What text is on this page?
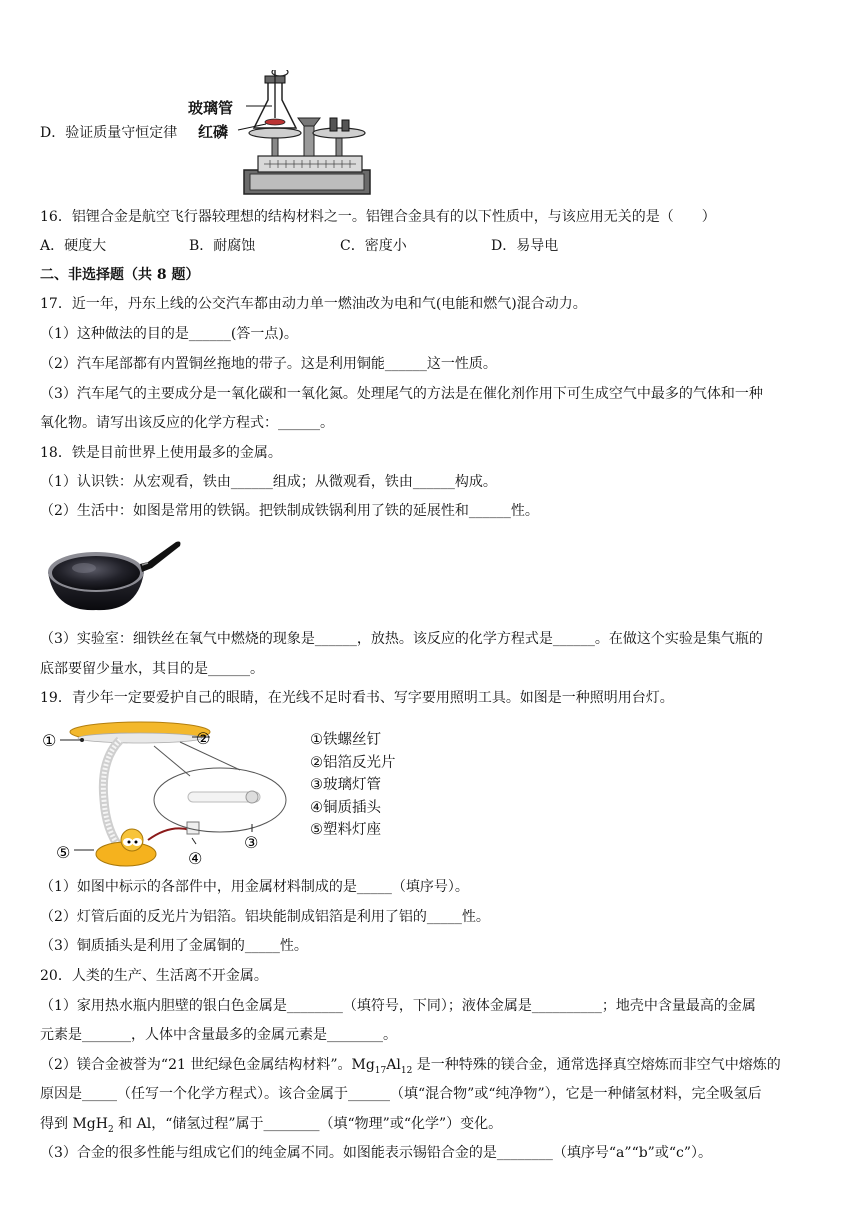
D．验证质量守恒定律
玻璃管
红磷
16．铝锂合金是航空飞行器较理想的结构材料之一。铝锂合金具有的以下性质中，与该应用无关的是（　　）
A．硬度大	B．耐腐蚀	C．密度小	D．易导电
二、非选择题（共 8 题）
17．近一年，丹东上线的公交汽车都由动力单一燃油改为电和气(电能和燃气)混合动力。
（1）这种做法的目的是______(答一点)。
（2）汽车尾部都有内置铜丝拖地的带子。这是利用铜能______这一性质。
（3）汽车尾气的主要成分是一氧化碳和一氧化氮。处理尾气的方法是在催化剂作用下可生成空气中最多的气体和一种
氧化物。请写出该反应的化学方程式：______。
18．铁是目前世界上使用最多的金属。
（1）认识铁：从宏观看，铁由______组成；从微观看，铁由______构成。
（2）生活中：如图是常用的铁锅。把铁制成铁锅利用了铁的延展性和______性。
（3）实验室：细铁丝在氧气中燃烧的现象是______，放热。该反应的化学方程式是______。在做这个实验是集气瓶的
底部要留少量水，其目的是______。
19．青少年一定要爱护自己的眼睛，在光线不足时看书、写字要用照明工具。如图是一种照明用台灯。
①	②
③
④
⑤
①铁螺丝钉
②铝箔反光片
③玻璃灯管
④铜质插头
⑤塑料灯座
（1）如图中标示的各部件中，用金属材料制成的是_____（填序号）。
（2）灯管后面的反光片为铝箔。铝块能制成铝箔是利用了铝的_____性。
（3）铜质插头是利用了金属铜的_____性。
20．人类的生产、生活离不开金属。
（1）家用热水瓶内胆壁的银白色金属是________（填符号，下同）；液体金属是__________；地壳中含量最高的金属
元素是_______，人体中含量最多的金属元素是________。
（2）镁合金被誉为“21 世纪绿色金属结构材料”。$Mg_{17}Al_{12}$ 是一种特殊的镁合金，通常选择真空熔炼而非空气中熔炼的
原因是_____（任写一个化学方程式）。该合金属于______（填“混合物”或“纯净物”），它是一种储氢材料，完全吸氢后
得到 MgH$_2$ 和 Al，“储氢过程”属于________（填“物理”或“化学”）变化。
（3）合金的很多性能与组成它们的纯金属不同。如图能表示锡铅合金的是________（填序号“a”“b”或“c”）。
